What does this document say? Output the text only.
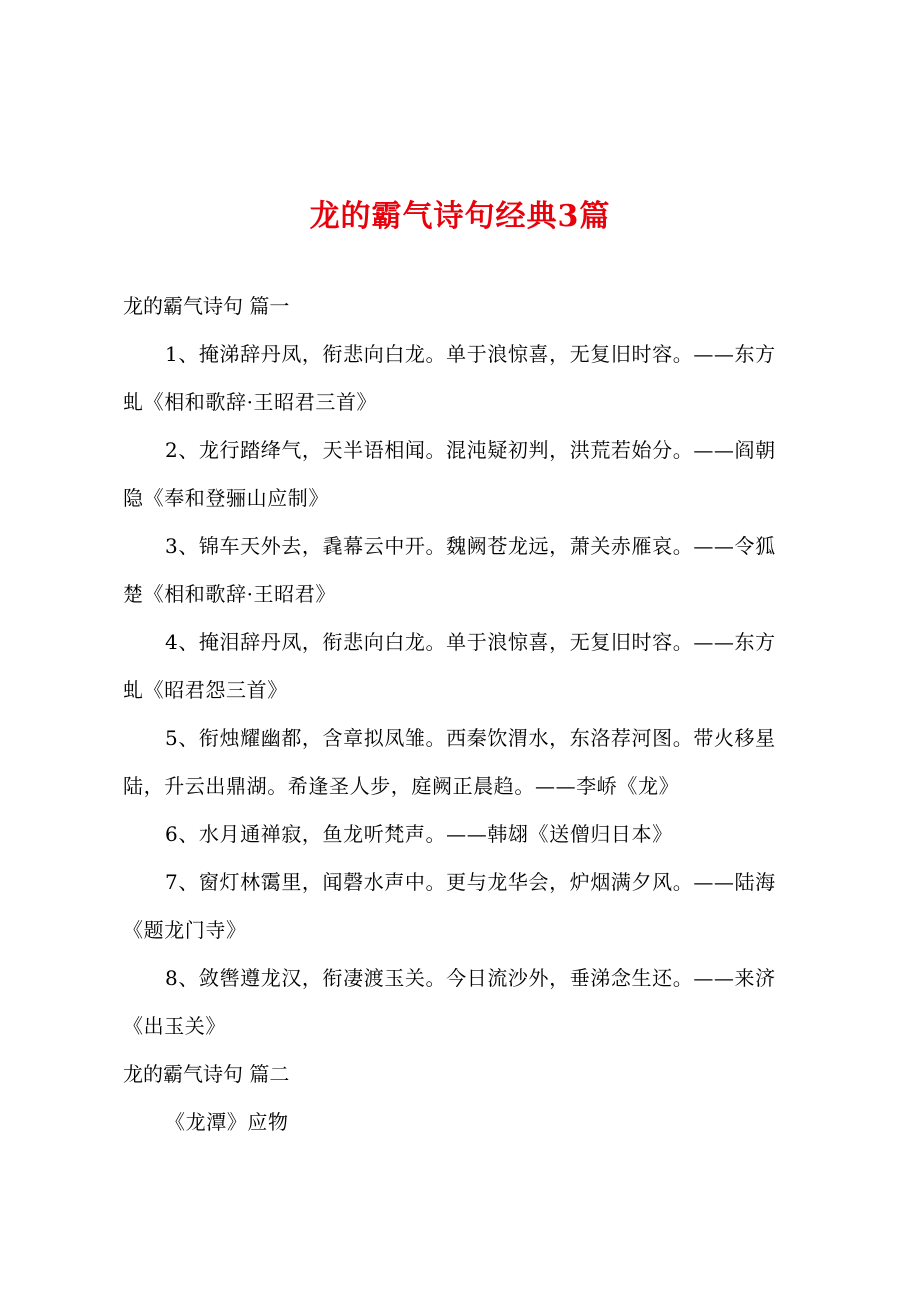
龙的霸气诗句经典3篇
龙的霸气诗句 篇一
1、掩涕辞丹凤，衔悲向白龙。单于浪惊喜，无复旧时容。——东方
虬《相和歌辞·王昭君三首》
2、龙行踏绛气，天半语相闻。混沌疑初判，洪荒若始分。——阎朝
隐《奉和登骊山应制》
3、锦车天外去，毳幕云中开。魏阙苍龙远，萧关赤雁哀。——令狐
楚《相和歌辞·王昭君》
4、掩泪辞丹凤，衔悲向白龙。单于浪惊喜，无复旧时容。——东方
虬《昭君怨三首》
5、衔烛耀幽都，含章拟凤雏。西秦饮渭水，东洛荐河图。带火移星
陆，升云出鼎湖。希逢圣人步，庭阙正晨趋。——李峤《龙》
6、水月通禅寂，鱼龙听梵声。——韩翃《送僧归日本》
7、窗灯林霭里，闻磬水声中。更与龙华会，炉烟满夕风。——陆海
《题龙门寺》
8、敛辔遵龙汉，衔凄渡玉关。今日流沙外，垂涕念生还。——来济
《出玉关》
龙的霸气诗句 篇二
《龙潭》应物
